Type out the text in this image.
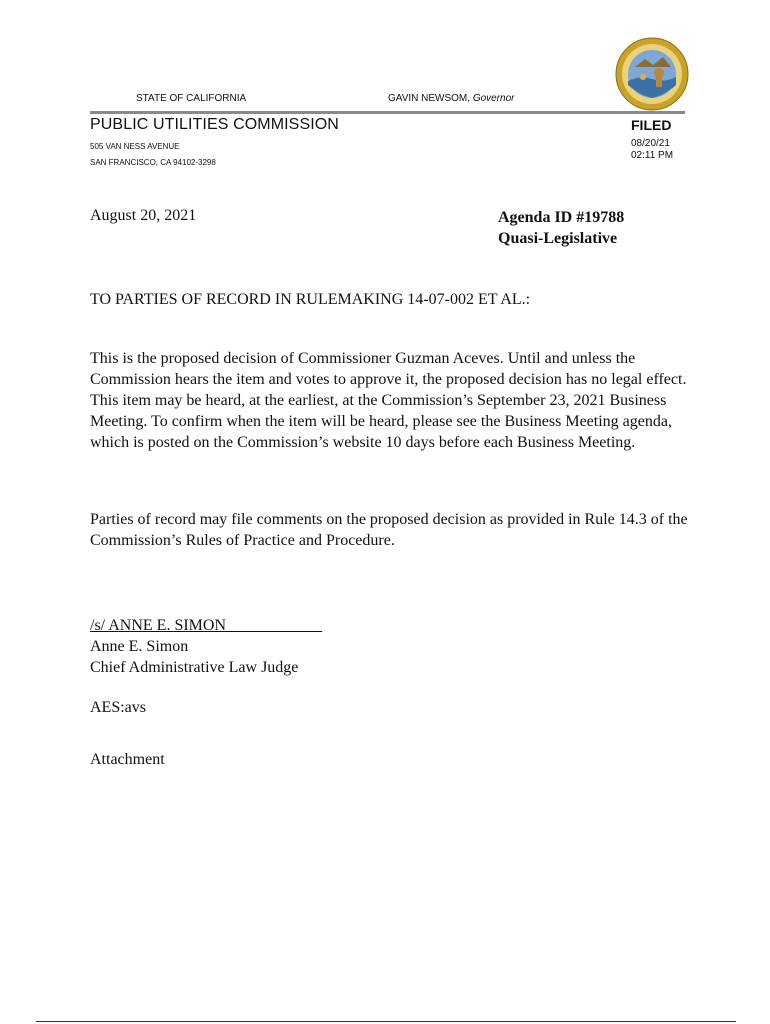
STATE OF CALIFORNIA	GAVIN NEWSOM, Governor
PUBLIC UTILITIES COMMISSION
505 VAN NESS AVENUE
SAN FRANCISCO, CA 94102-3298
FILED
08/20/21
02:11 PM
August 20, 2021	Agenda ID #19788
Quasi-Legislative
TO PARTIES OF RECORD IN RULEMAKING 14-07-002 ET AL.:
This is the proposed decision of Commissioner Guzman Aceves. Until and unless the Commission hears the item and votes to approve it, the proposed decision has no legal effect. This item may be heard, at the earliest, at the Commission’s September 23, 2021 Business Meeting. To confirm when the item will be heard, please see the Business Meeting agenda, which is posted on the Commission’s website 10 days before each Business Meeting.
Parties of record may file comments on the proposed decision as provided in Rule 14.3 of the Commission’s Rules of Practice and Procedure.
/s/ ANNE E. SIMON____________
Anne E. Simon
Chief Administrative Law Judge
AES:avs
Attachment
